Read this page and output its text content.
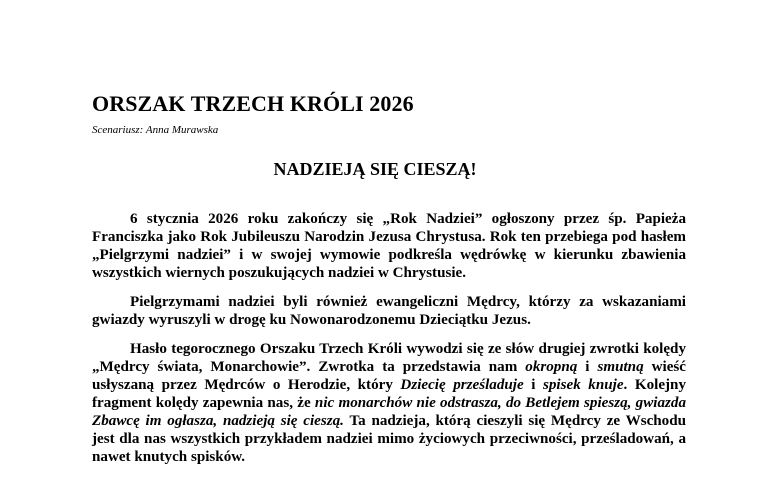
ORSZAK TRZECH KRÓLI 2026
Scenariusz: Anna Murawska
NADZIEJĄ SIĘ CIESZĄ!

6 stycznia 2026 roku zakończy się „Rok Nadziei” ogłoszony przez śp. Papieża Franciszka jako Rok Jubileuszu Narodzin Jezusa Chrystusa. Rok ten przebiega pod hasłem „Pielgrzymi nadziei” i w swojej wymowie podkreśla wędrówkę w kierunku zbawienia wszystkich wiernych poszukujących nadziei w Chrystusie.

Pielgrzymami nadziei byli również ewangeliczni Mędrcy, którzy za wskazaniami gwiazdy wyruszyli w drogę ku Nowonarodzonemu Dzieciątku Jezus.

Hasło tegorocznego Orszaku Trzech Króli wywodzi się ze słów drugiej zwrotki kolędy „Mędrcy świata, Monarchowie”. Zwrotka ta przedstawia nam okropną i smutną wieść usłyszaną przez Mędrców o Herodzie, który Dziecię prześladuje i spisek knuje. Kolejny fragment kolędy zapewnia nas, że nic monarchów nie odstrasza, do Betlejem spieszą, gwiazda Zbawcę im ogłasza, nadzieją się cieszą. Ta nadzieja, którą cieszyli się Mędrcy ze Wschodu jest dla nas wszystkich przykładem nadziei mimo życiowych przeciwności, prześladowań, a nawet knutych spisków.
